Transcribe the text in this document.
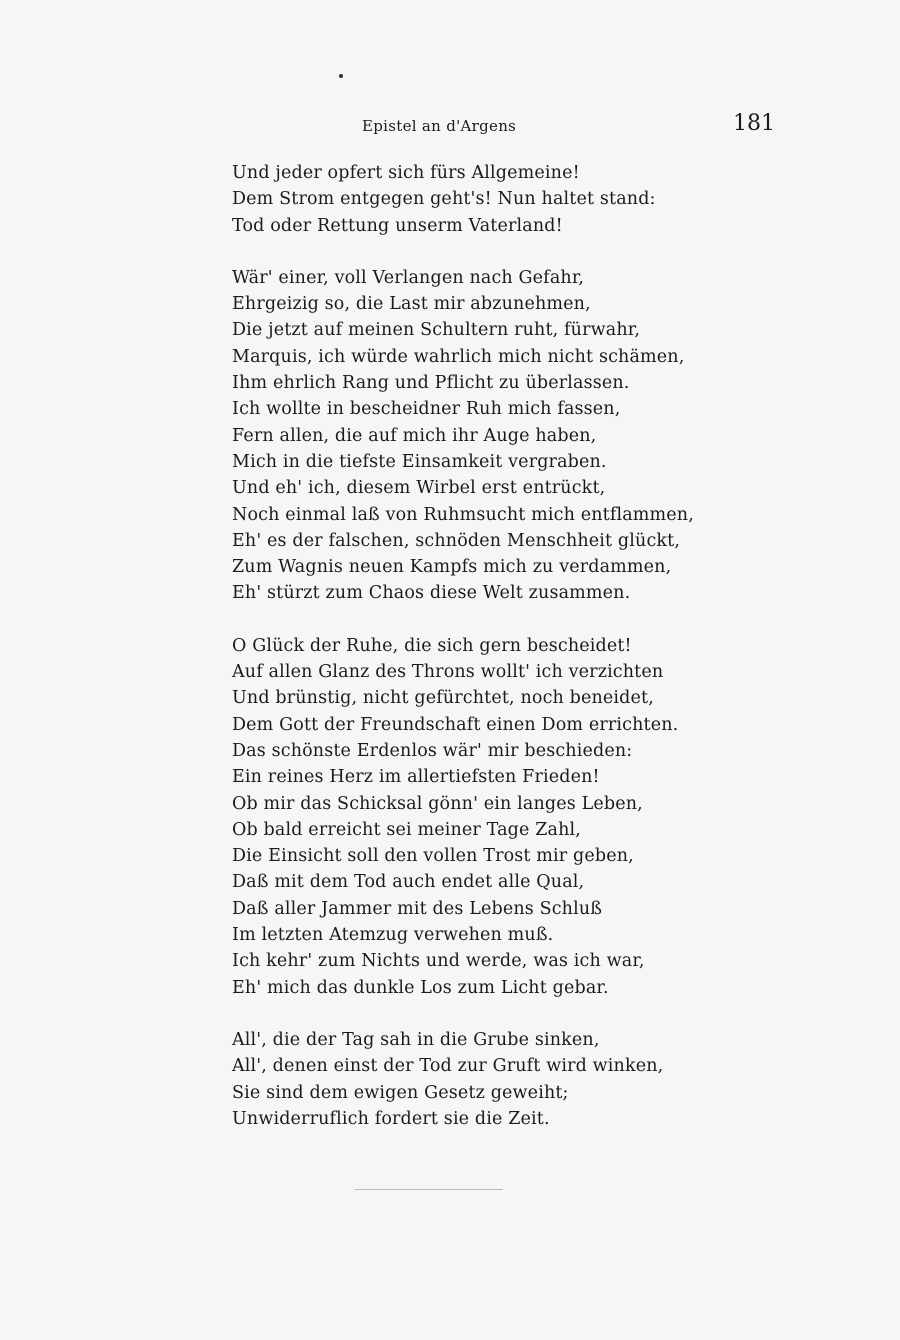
Epistel an d'Argens	181
Und jeder opfert sich fürs Allgemeine!
Dem Strom entgegen geht's! Nun haltet stand:
Tod oder Rettung unserm Vaterland!
Wär' einer, voll Verlangen nach Gefahr,
Ehrgeizig so, die Last mir abzunehmen,
Die jetzt auf meinen Schultern ruht, fürwahr,
Marquis, ich würde wahrlich mich nicht schämen,
Ihm ehrlich Rang und Pflicht zu überlassen.
Ich wollte in bescheidner Ruh mich fassen,
Fern allen, die auf mich ihr Auge haben,
Mich in die tiefste Einsamkeit vergraben.
Und eh' ich, diesem Wirbel erst entrückt,
Noch einmal laß von Ruhmsucht mich entflammen,
Eh' es der falschen, schnöden Menschheit glückt,
Zum Wagnis neuen Kampfs mich zu verdammen,
Eh' stürzt zum Chaos diese Welt zusammen.
O Glück der Ruhe, die sich gern bescheidet!
Auf allen Glanz des Throns wollt' ich verzichten
Und brünstig, nicht gefürchtet, noch beneidet,
Dem Gott der Freundschaft einen Dom errichten.
Das schönste Erdenlos wär' mir beschieden:
Ein reines Herz im allertiefsten Frieden!
Ob mir das Schicksal gönn' ein langes Leben,
Ob bald erreicht sei meiner Tage Zahl,
Die Einsicht soll den vollen Trost mir geben,
Daß mit dem Tod auch endet alle Qual,
Daß aller Jammer mit des Lebens Schluß
Im letzten Atemzug verwehen muß.
Ich kehr' zum Nichts und werde, was ich war,
Eh' mich das dunkle Los zum Licht gebar.
All', die der Tag sah in die Grube sinken,
All', denen einst der Tod zur Gruft wird winken,
Sie sind dem ewigen Gesetz geweiht;
Unwiderruflich fordert sie die Zeit.
